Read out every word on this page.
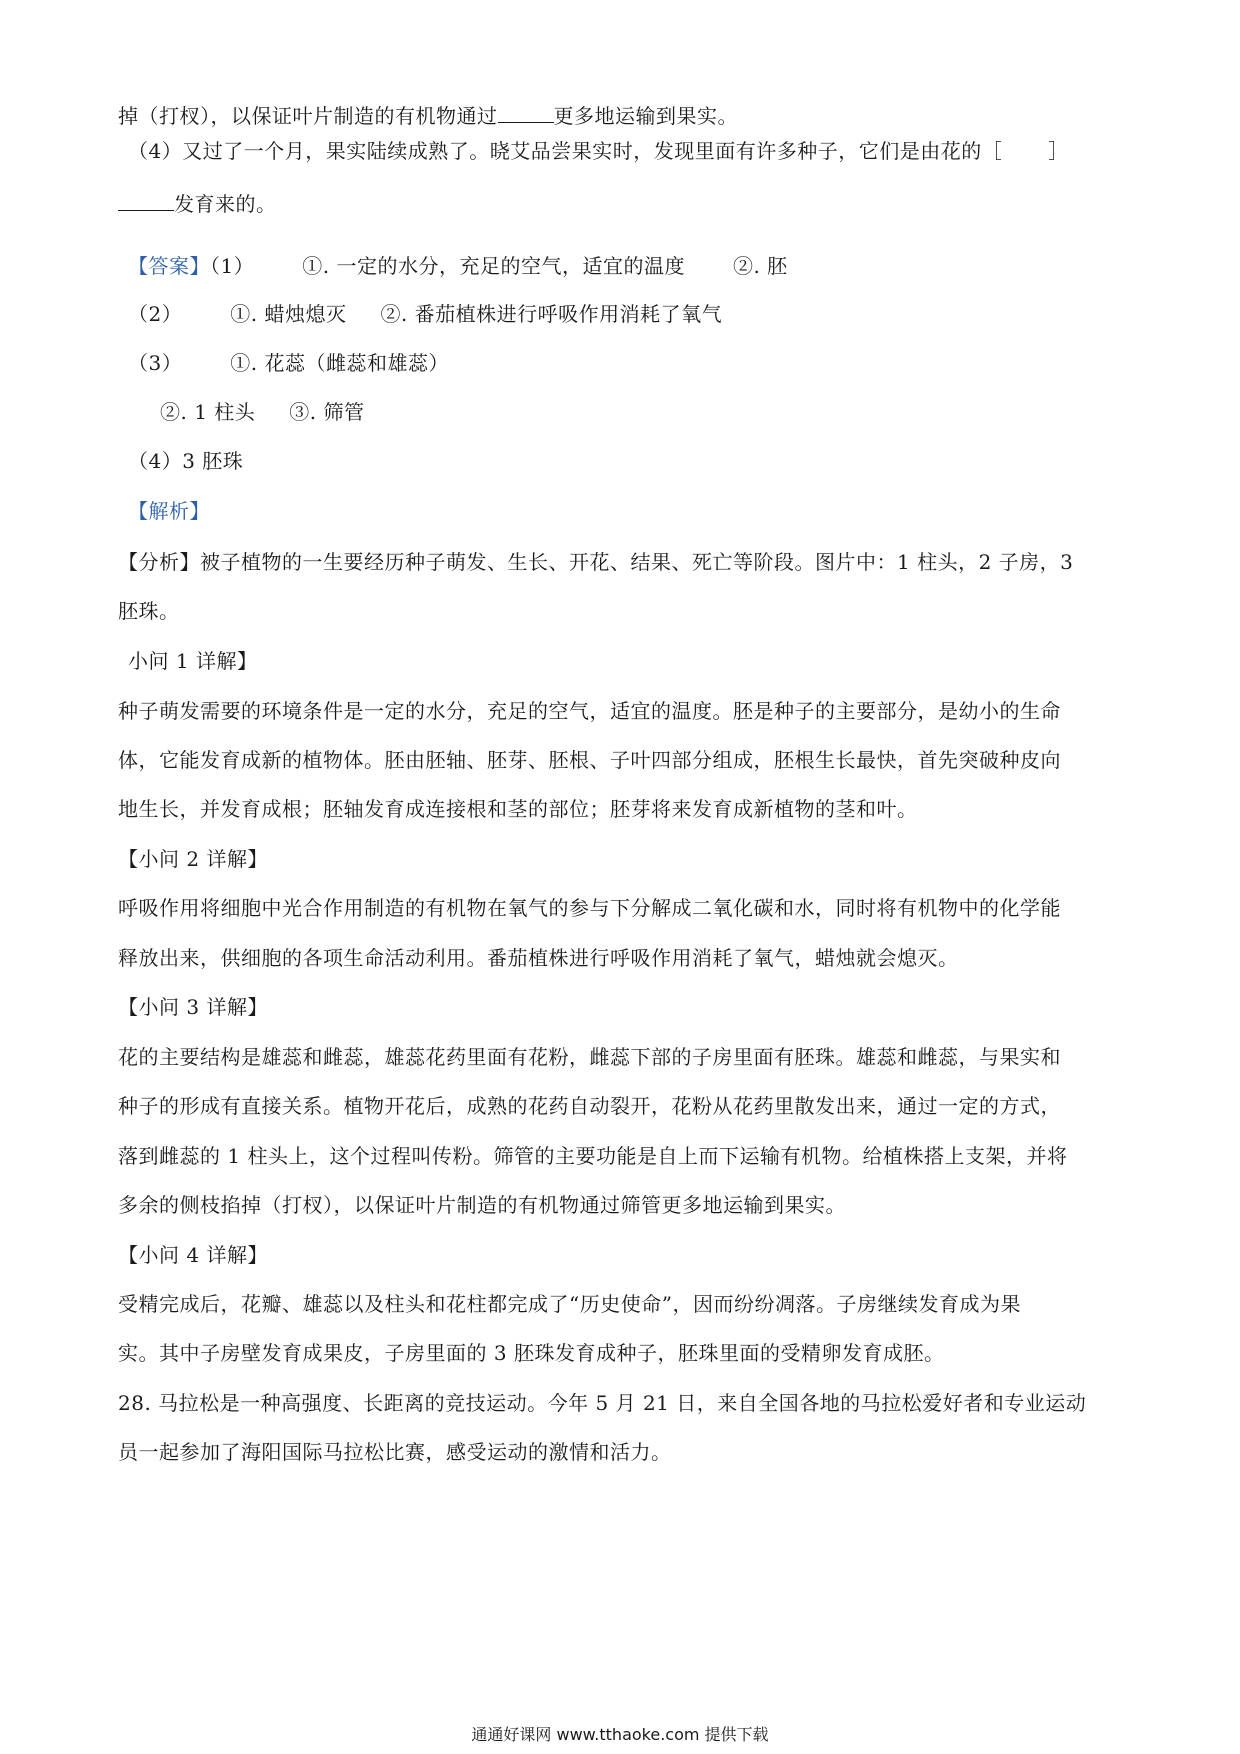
掉（打杈），以保证叶片制造的有机物通过	更多地运输到果实。
（4）又过了一个月，果实陆续成熟了。晓艾品尝果实时，发现里面有许多种子，它们是由花的［ ］
发育来的。
【答案】（1） ①. 一定的水分，充足的空气，适宜的温度 ②. 胚
（2） ①. 蜡烛熄灭 ②. 番茄植株进行呼吸作用消耗了氧气
（3） ①. 花蕊（雌蕊和雄蕊）
②. 1 柱头 ③. 筛管
（4）3 胚珠
【解析】
【分析】被子植物的一生要经历种子萌发、生长、开花、结果、死亡等阶段。图片中：1 柱头，2 子房，3
胚珠。
小问 1 详解】
种子萌发需要的环境条件是一定的水分，充足的空气，适宜的温度。胚是种子的主要部分，是幼小的生命
体，它能发育成新的植物体。胚由胚轴、胚芽、胚根、子叶四部分组成，胚根生长最快，首先突破种皮向
地生长，并发育成根；胚轴发育成连接根和茎的部位；胚芽将来发育成新植物的茎和叶。
【小问 2 详解】
呼吸作用将细胞中光合作用制造的有机物在氧气的参与下分解成二氧化碳和水，同时将有机物中的化学能
释放出来，供细胞的各项生命活动利用。番茄植株进行呼吸作用消耗了氧气，蜡烛就会熄灭。
【小问 3 详解】
花的主要结构是雄蕊和雌蕊，雄蕊花药里面有花粉，雌蕊下部的子房里面有胚珠。雄蕊和雌蕊，与果实和
种子的形成有直接关系。植物开花后，成熟的花药自动裂开，花粉从花药里散发出来，通过一定的方式，
落到雌蕊的 1 柱头上，这个过程叫传粉。筛管的主要功能是自上而下运输有机物。给植株搭上支架，并将
多余的侧枝掐掉（打杈），以保证叶片制造的有机物通过筛管更多地运输到果实。
【小问 4 详解】
受精完成后，花瓣、雄蕊以及柱头和花柱都完成了“历史使命”，因而纷纷凋落。子房继续发育成为果
实。其中子房壁发育成果皮，子房里面的 3 胚珠发育成种子，胚珠里面的受精卵发育成胚。
28. 马拉松是一种高强度、长距离的竞技运动。今年 5 月 21 日，来自全国各地的马拉松爱好者和专业运动
员一起参加了海阳国际马拉松比赛，感受运动的激情和活力。
通通好课网 www.tthaoke.com 提供下载
